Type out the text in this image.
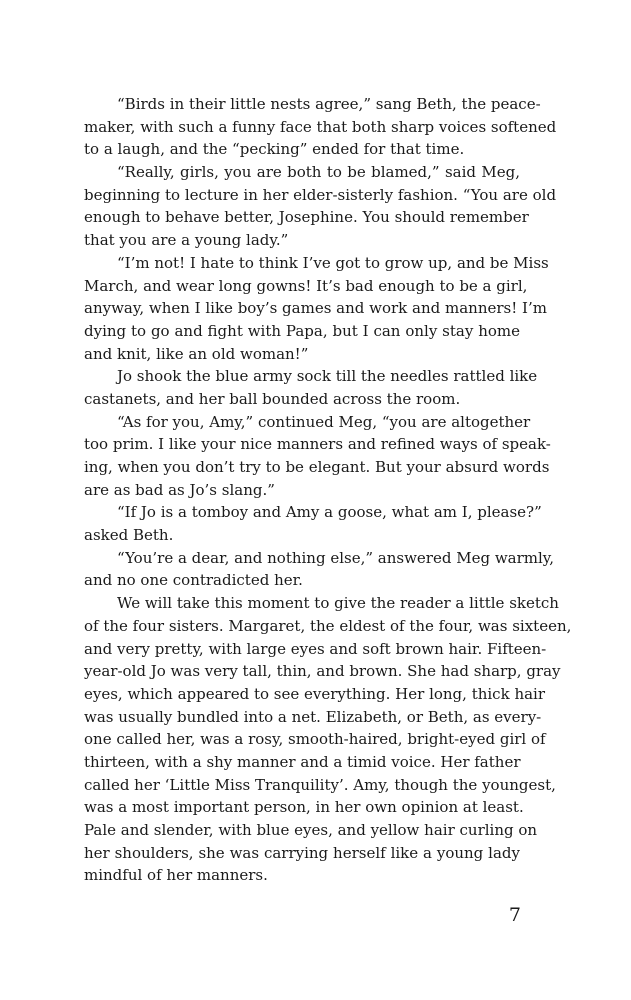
“Birds in their little nests agree,” sang Beth, the peace-
maker, with such a funny face that both sharp voices softened
to a laugh, and the “pecking” ended for that time.
“Really, girls, you are both to be blamed,” said Meg,
beginning to lecture in her elder-sisterly fashion. “You are old
enough to behave better, Josephine. You should remember
that you are a young lady.”
“I’m not! I hate to think I’ve got to grow up, and be Miss
March, and wear long gowns! It’s bad enough to be a girl,
anyway, when I like boy’s games and work and manners! I’m
dying to go and fight with Papa, but I can only stay home
and knit, like an old woman!”
Jo shook the blue army sock till the needles rattled like
castanets, and her ball bounded across the room.
“As for you, Amy,” continued Meg, “you are altogether
too prim. I like your nice manners and refined ways of speak-
ing, when you don’t try to be elegant. But your absurd words
are as bad as Jo’s slang.”
“If Jo is a tomboy and Amy a goose, what am I, please?”
asked Beth.
“You’re a dear, and nothing else,” answered Meg warmly,
and no one contradicted her.
We will take this moment to give the reader a little sketch
of the four sisters. Margaret, the eldest of the four, was sixteen,
and very pretty, with large eyes and soft brown hair. Fifteen-
year-old Jo was very tall, thin, and brown. She had sharp, gray
eyes, which appeared to see everything. Her long, thick hair
was usually bundled into a net. Elizabeth, or Beth, as every-
one called her, was a rosy, smooth-haired, bright-eyed girl of
thirteen, with a shy manner and a timid voice. Her father
called her ‘Little Miss Tranquility’. Amy, though the youngest,
was a most important person, in her own opinion at least.
Pale and slender, with blue eyes, and yellow hair curling on
her shoulders, she was carrying herself like a young lady
mindful of her manners.
7
